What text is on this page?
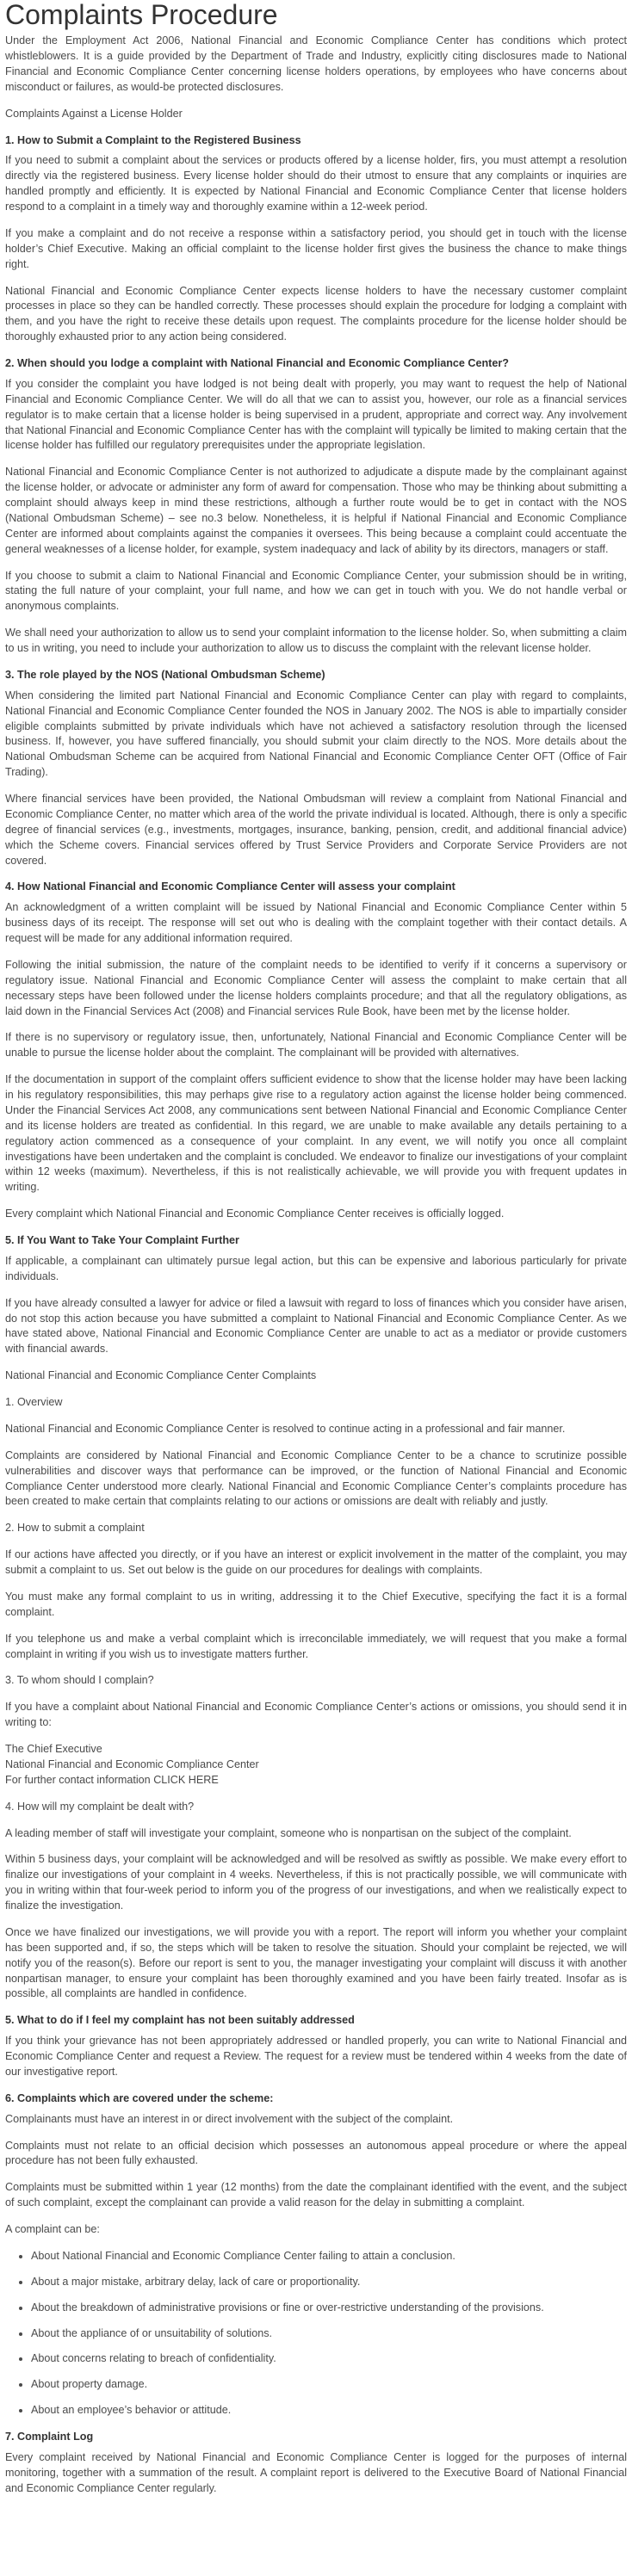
Complaints Procedure

Under the Employment Act 2006, National Financial and Economic Compliance Center has conditions which protect whistleblowers. It is a guide provided by the Department of Trade and Industry, explicitly citing disclosures made to National Financial and Economic Compliance Center concerning license holders operations, by employees who have concerns about misconduct or failures, as would-be protected disclosures.

Complaints Against a License Holder

1. How to Submit a Complaint to the Registered Business

If you need to submit a complaint about the services or products offered by a license holder, firs, you must attempt a resolution directly via the registered business. Every license holder should do their utmost to ensure that any complaints or inquiries are handled promptly and efficiently. It is expected by National Financial and Economic Compliance Center that license holders respond to a complaint in a timely way and thoroughly examine within a 12-week period.

If you make a complaint and do not receive a response within a satisfactory period, you should get in touch with the license holder’s Chief Executive. Making an official complaint to the license holder first gives the business the chance to make things right.

National Financial and Economic Compliance Center expects license holders to have the necessary customer complaint processes in place so they can be handled correctly. These processes should explain the procedure for lodging a complaint with them, and you have the right to receive these details upon request. The complaints procedure for the license holder should be thoroughly exhausted prior to any action being considered.

2. When should you lodge a complaint with National Financial and Economic Compliance Center?

If you consider the complaint you have lodged is not being dealt with properly, you may want to request the help of National Financial and Economic Compliance Center. We will do all that we can to assist you, however, our role as a financial services regulator is to make certain that a license holder is being supervised in a prudent, appropriate and correct way. Any involvement that National Financial and Economic Compliance Center has with the complaint will typically be limited to making certain that the license holder has fulfilled our regulatory prerequisites under the appropriate legislation.

National Financial and Economic Compliance Center is not authorized to adjudicate a dispute made by the complainant against the license holder, or advocate or administer any form of award for compensation. Those who may be thinking about submitting a complaint should always keep in mind these restrictions, although a further route would be to get in contact with the NOS (National Ombudsman Scheme) – see no.3 below. Nonetheless, it is helpful if National Financial and Economic Compliance Center are informed about complaints against the companies it oversees. This being because a complaint could accentuate the general weaknesses of a license holder, for example, system inadequacy and lack of ability by its directors, managers or staff.

If you choose to submit a claim to National Financial and Economic Compliance Center, your submission should be in writing, stating the full nature of your complaint, your full name, and how we can get in touch with you. We do not handle verbal or anonymous complaints.

We shall need your authorization to allow us to send your complaint information to the license holder. So, when submitting a claim to us in writing, you need to include your authorization to allow us to discuss the complaint with the relevant license holder.

3. The role played by the NOS (National Ombudsman Scheme)

When considering the limited part National Financial and Economic Compliance Center can play with regard to complaints, National Financial and Economic Compliance Center founded the NOS in January 2002. The NOS is able to impartially consider eligible complaints submitted by private individuals which have not achieved a satisfactory resolution through the licensed business. If, however, you have suffered financially, you should submit your claim directly to the NOS. More details about the National Ombudsman Scheme can be acquired from National Financial and Economic Compliance Center OFT (Office of Fair Trading).

Where financial services have been provided, the National Ombudsman will review a complaint from National Financial and Economic Compliance Center, no matter which area of the world the private individual is located. Although, there is only a specific degree of financial services (e.g., investments, mortgages, insurance, banking, pension, credit, and additional financial advice) which the Scheme covers. Financial services offered by Trust Service Providers and Corporate Service Providers are not covered.

4. How National Financial and Economic Compliance Center will assess your complaint

An acknowledgment of a written complaint will be issued by National Financial and Economic Compliance Center within 5 business days of its receipt. The response will set out who is dealing with the complaint together with their contact details. A request will be made for any additional information required.

Following the initial submission, the nature of the complaint needs to be identified to verify if it concerns a supervisory or regulatory issue. National Financial and Economic Compliance Center will assess the complaint to make certain that all necessary steps have been followed under the license holders complaints procedure; and that all the regulatory obligations, as laid down in the Financial Services Act (2008) and Financial services Rule Book, have been met by the license holder.

If there is no supervisory or regulatory issue, then, unfortunately, National Financial and Economic Compliance Center will be unable to pursue the license holder about the complaint. The complainant will be provided with alternatives.

If the documentation in support of the complaint offers sufficient evidence to show that the license holder may have been lacking in his regulatory responsibilities, this may perhaps give rise to a regulatory action against the license holder being commenced. Under the Financial Services Act 2008, any communications sent between National Financial and Economic Compliance Center and its license holders are treated as confidential. In this regard, we are unable to make available any details pertaining to a regulatory action commenced as a consequence of your complaint. In any event, we will notify you once all complaint investigations have been undertaken and the complaint is concluded. We endeavor to finalize our investigations of your complaint within 12 weeks (maximum). Nevertheless, if this is not realistically achievable, we will provide you with frequent updates in writing.

Every complaint which National Financial and Economic Compliance Center receives is officially logged.

5. If You Want to Take Your Complaint Further

If applicable, a complainant can ultimately pursue legal action, but this can be expensive and laborious particularly for private individuals.

If you have already consulted a lawyer for advice or filed a lawsuit with regard to loss of finances which you consider have arisen, do not stop this action because you have submitted a complaint to National Financial and Economic Compliance Center. As we have stated above, National Financial and Economic Compliance Center are unable to act as a mediator or provide customers with financial awards.

National Financial and Economic Compliance Center Complaints

1. Overview

National Financial and Economic Compliance Center is resolved to continue acting in a professional and fair manner.

Complaints are considered by National Financial and Economic Compliance Center to be a chance to scrutinize possible vulnerabilities and discover ways that performance can be improved, or the function of National Financial and Economic Compliance Center understood more clearly. National Financial and Economic Compliance Center’s complaints procedure has been created to make certain that complaints relating to our actions or omissions are dealt with reliably and justly.

2. How to submit a complaint

If our actions have affected you directly, or if you have an interest or explicit involvement in the matter of the complaint, you may submit a complaint to us. Set out below is the guide on our procedures for dealings with complaints.

You must make any formal complaint to us in writing, addressing it to the Chief Executive, specifying the fact it is a formal complaint.

If you telephone us and make a verbal complaint which is irreconcilable immediately, we will request that you make a formal complaint in writing if you wish us to investigate matters further.

3. To whom should I complain?

If you have a complaint about National Financial and Economic Compliance Center’s actions or omissions, you should send it in writing to:

The Chief Executive
National Financial and Economic Compliance Center
For further contact information CLICK HERE

4. How will my complaint be dealt with?

A leading member of staff will investigate your complaint, someone who is nonpartisan on the subject of the complaint.

Within 5 business days, your complaint will be acknowledged and will be resolved as swiftly as possible. We make every effort to finalize our investigations of your complaint in 4 weeks. Nevertheless, if this is not practically possible, we will communicate with you in writing within that four-week period to inform you of the progress of our investigations, and when we realistically expect to finalize the investigation.

Once we have finalized our investigations, we will provide you with a report. The report will inform you whether your complaint has been supported and, if so, the steps which will be taken to resolve the situation. Should your complaint be rejected, we will notify you of the reason(s). Before our report is sent to you, the manager investigating your complaint will discuss it with another nonpartisan manager, to ensure your complaint has been thoroughly examined and you have been fairly treated. Insofar as is possible, all complaints are handled in confidence.

5. What to do if I feel my complaint has not been suitably addressed

If you think your grievance has not been appropriately addressed or handled properly, you can write to National Financial and Economic Compliance Center and request a Review. The request for a review must be tendered within 4 weeks from the date of our investigative report.

6. Complaints which are covered under the scheme:

Complainants must have an interest in or direct involvement with the subject of the complaint.

Complaints must not relate to an official decision which possesses an autonomous appeal procedure or where the appeal procedure has not been fully exhausted.

Complaints must be submitted within 1 year (12 months) from the date the complainant identified with the event, and the subject of such complaint, except the complainant can provide a valid reason for the delay in submitting a complaint.

A complaint can be:

• About National Financial and Economic Compliance Center failing to attain a conclusion.
• About a major mistake, arbitrary delay, lack of care or proportionality.
• About the breakdown of administrative provisions or fine or over-restrictive understanding of the provisions.
• About the appliance of or unsuitability of solutions.
• About concerns relating to breach of confidentiality.
• About property damage.
• About an employee’s behavior or attitude.
7. Complaint Log

Every complaint received by National Financial and Economic Compliance Center is logged for the purposes of internal monitoring, together with a summation of the result. A complaint report is delivered to the Executive Board of National Financial and Economic Compliance Center regularly.
